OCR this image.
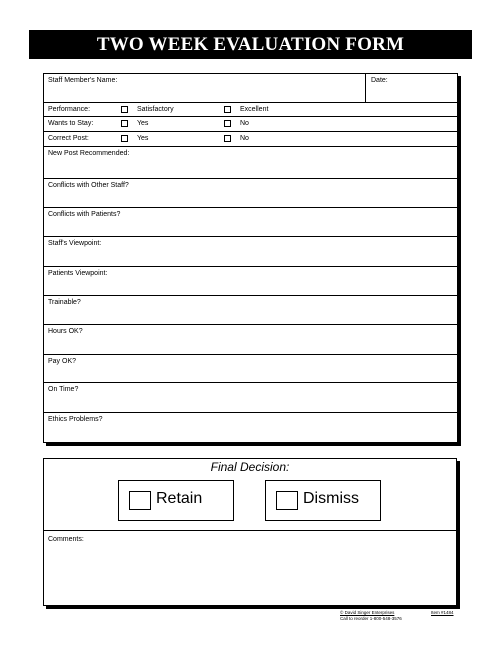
TWO WEEK EVALUATION FORM
Staff Member's Name:	Date:
Performance:	Satisfactory	Excellent
Wants to Stay:	Yes	No
Correct Post:	Yes	No
New Post Recommended:
Conflicts with Other Staff?
Conflicts with Patients?
Staff's Viewpoint:
Patients Viewpoint:
Trainable?
Hours OK?
Pay OK?
On Time?
Ethics Problems?
Final Decision:
Retain	Dismiss
Comments:
© David Singer Enterprises
Call to reorder 1-800-548-3576
Item #1484
